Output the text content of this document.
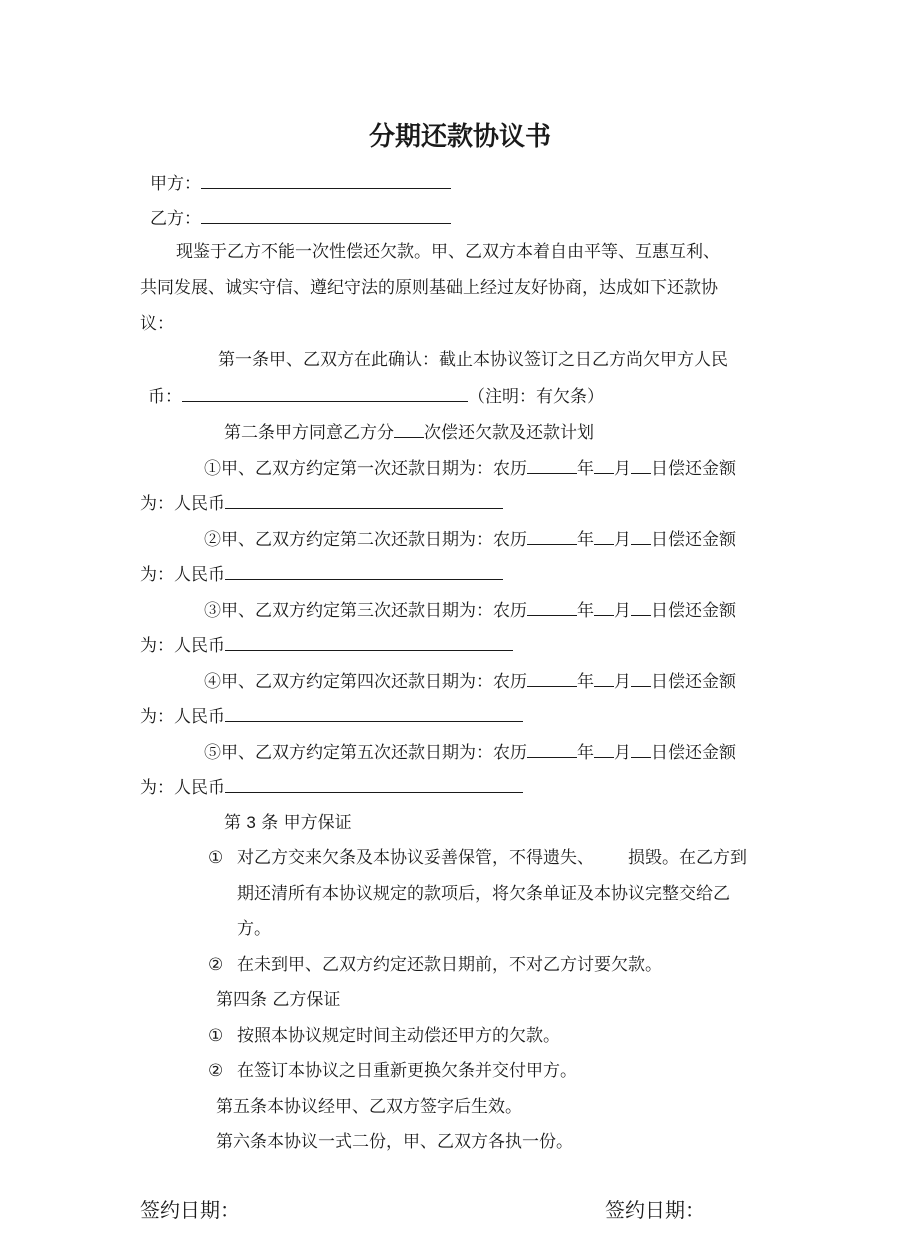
分期还款协议书
甲方：
乙方：
现鉴于乙方不能一次性偿还欠款。甲、乙双方本着自由平等、互惠互利、
共同发展、诚实守信、遵纪守法的原则基础上经过友好协商，达成如下还款协
议：
第一条甲、乙双方在此确认：截止本协议签订之日乙方尚欠甲方人民
币：	（注明：有欠条）
第二条甲方同意乙方分 次偿还欠款及还款计划
①甲、乙双方约定第一次还款日期为：农历	年 月 日偿还金额
为：人民币
②甲、乙双方约定第二次还款日期为：农历	年 月 日偿还金额
为：人民币
③甲、乙双方约定第三次还款日期为：农历	年 月 日偿还金额
为：人民币
④甲、乙双方约定第四次还款日期为：农历	年 月 日偿还金额
为：人民币
⑤甲、乙双方约定第五次还款日期为：农历	年 月 日偿还金额
为：人民币
第 3 条 甲方保证
① 对乙方交来欠条及本协议妥善保管，不得遗失、 损毁。在乙方到
期还清所有本协议规定的款项后，将欠条单证及本协议完整交给乙
方。
② 在未到甲、乙双方约定还款日期前，不对乙方讨要欠款。
第四条 乙方保证
① 按照本协议规定时间主动偿还甲方的欠款。
② 在签订本协议之日重新更换欠条并交付甲方。
第五条本协议经甲、乙双方签字后生效。
第六条本协议一式二份，甲、乙双方各执一份。
签约日期：	签约日期：
